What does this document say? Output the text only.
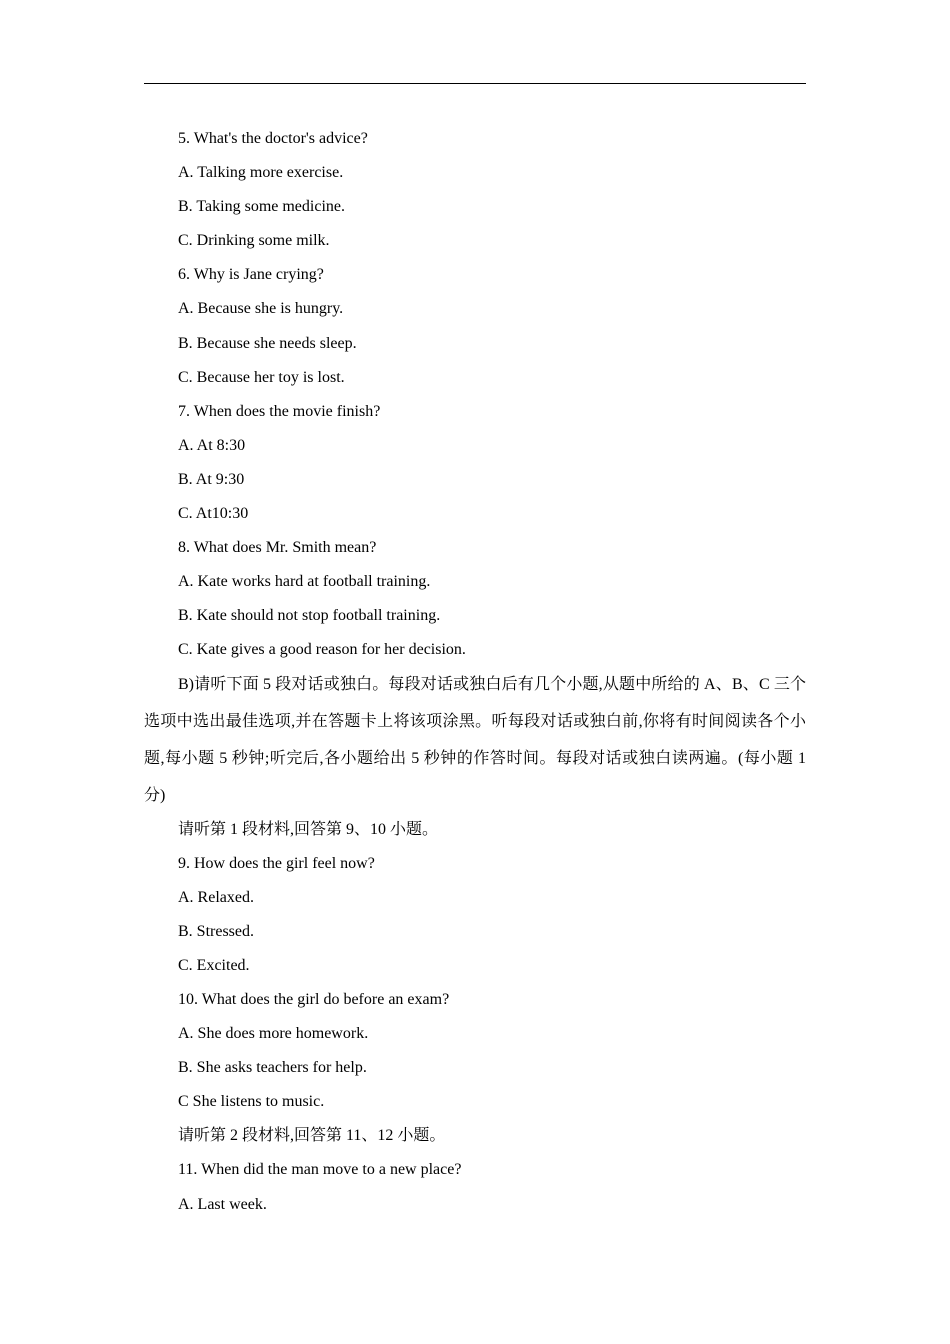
5. What's the doctor's advice?
A. Talking more exercise.
B. Taking some medicine.
C. Drinking some milk.
6. Why is Jane crying?
A. Because she is hungry.
B. Because she needs sleep.
C. Because her toy is lost.
7. When does the movie finish?
A. At 8:30
B. At 9:30
C. At10:30
8. What does Mr. Smith mean?
A. Kate works hard at football training.
B. Kate should not stop football training.
C. Kate gives a good reason for her decision.
B)请听下面 5 段对话或独白。每段对话或独白后有几个小题,从题中所给的 A、B、C 三个选项中选出最佳选项,并在答题卡上将该项涂黑。听每段对话或独白前,你将有时间阅读各个小题,每小题 5 秒钟;听完后,各小题给出 5 秒钟的作答时间。每段对话或独白读两遍。(每小题 1 分)
请听第 1 段材料,回答第 9、10 小题。
9. How does the girl feel now?
A. Relaxed.
B. Stressed.
C. Excited.
10. What does the girl do before an exam?
A. She does more homework.
B. She asks teachers for help.
C She listens to music.
请听第 2 段材料,回答第 11、12 小题。
11. When did the man move to a new place?
A. Last week.
